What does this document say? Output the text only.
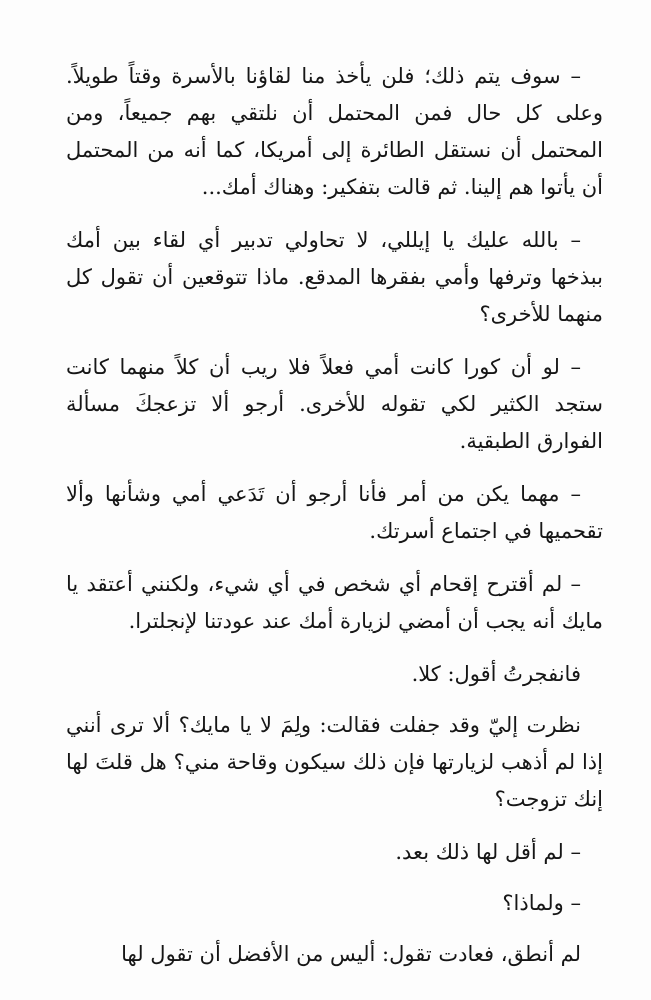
– سوف يتم ذلك؛ فلن يأخذ منا لقاؤنا بالأسرة وقتاً طويلاً. وعلى كل حال فمن المحتمل أن نلتقي بهم جميعاً، ومن المحتمل أن نستقل الطائرة إلى أمريكا، كما أنه من المحتمل أن يأتوا هم إلينا. ثم قالت بتفكير: وهناك أمك...

– بالله عليك يا إيللي، لا تحاولي تدبير أي لقاء بين أمك ببذخها وترفها وأمي بفقرها المدقع. ماذا تتوقعين أن تقول كل منهما للأخرى؟

– لو أن كورا كانت أمي فعلاً فلا ريب أن كلاً منهما كانت ستجد الكثير لكي تقوله للأخرى. أرجو ألا تزعجكَ مسألة الفوارق الطبقية.

– مهما يكن من أمر فأنا أرجو أن تَدَعي أمي وشأنها وألا تقحميها في اجتماع أسرتك.

– لم أقترح إقحام أي شخص في أي شيء، ولكنني أعتقد يا مايك أنه يجب أن أمضي لزيارة أمك عند عودتنا لإنجلترا.

فانفجرتُ أقول: كلا.

نظرت إليّ وقد جفلت فقالت: ولِمَ لا يا مايك؟ ألا ترى أنني إذا لم أذهب لزيارتها فإن ذلك سيكون وقاحة مني؟ هل قلتَ لها إنك تزوجت؟

– لم أقل لها ذلك بعد.

– ولماذا؟

لم أنطق، فعادت تقول: أليس من الأفضل أن تقول لها
